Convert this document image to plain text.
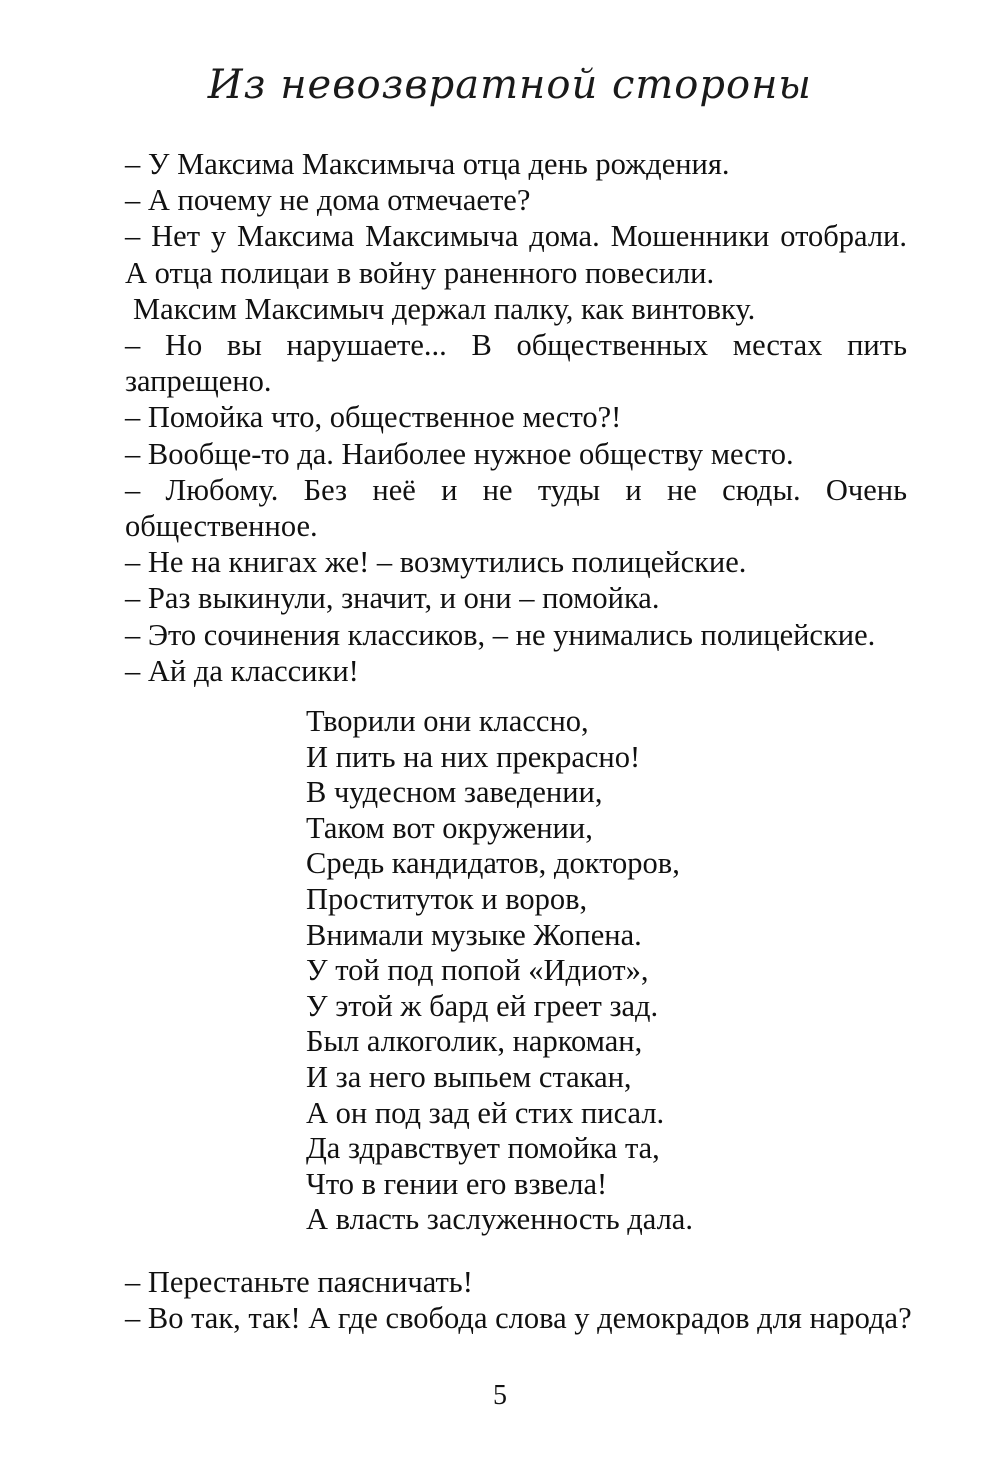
Из невозвратной стороны

– У Максима Максимыча отца день рождения.

– А почему не дома отмечаете?

– Нет у Максима Максимыча дома. Мошенники отобрали. А отца полицаи в войну раненного повесили.

Максим Максимыч держал палку, как винтовку.

– Но вы нарушаете... В общественных местах пить запрещено.

– Помойка что, общественное место?!

– Вообще-то да. Наиболее нужное обществу место.

– Любому. Без неё и не туды и не сюды. Очень общественное.

– Не на книгах же! – возмутились полицейские.

– Раз выкинули, значит, и они – помойка.

– Это сочинения классиков, – не унимались полицейские.

– Ай да классики!

Творили они классно,
И пить на них прекрасно!
В чудесном заведении,
Таком вот окружении,
Средь кандидатов, докторов,
Проституток и воров,
Внимали музыке Жопена.
У той под попой «Идиот»,
У этой ж бард ей греет зад.
Был алкоголик, наркоман,
И за него выпьем стакан,
А он под зад ей стих писал.
Да здравствует помойка та,
Что в гении его взвела!
А власть заслуженность дала.

– Перестаньте паясничать!

– Во так, так! А где свобода слова у демокрадов для народа?

5
